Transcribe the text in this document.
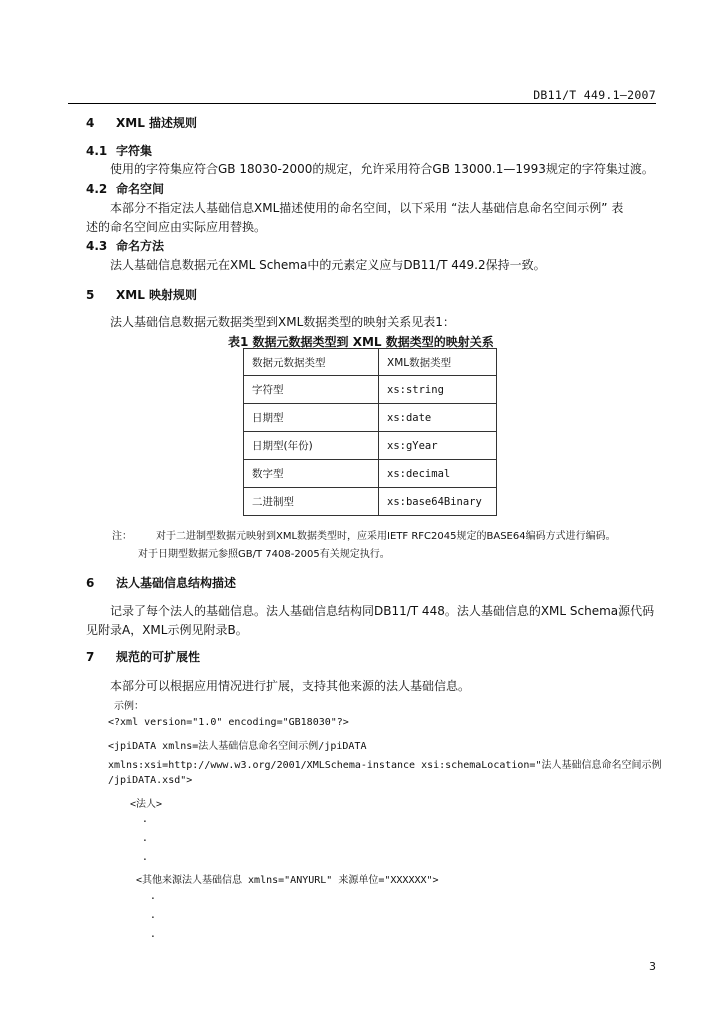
DB11/T 449.1—2007
4 XML 描述规则
4.1 字符集
使用的字符集应符合GB 18030-2000的规定，允许采用符合GB 13000.1—1993规定的字符集过渡。
4.2 命名空间
本部分不指定法人基础信息XML描述使用的命名空间，以下采用 “法人基础信息命名空间示例” 表
述的命名空间应由实际应用替换。
4.3 命名方法
法人基础信息数据元在XML Schema中的元素定义应与DB11/T 449.2保持一致。
5 XML 映射规则
法人基础信息数据元数据类型到XML数据类型的映射关系见表1：
表1 数据元数据类型到 XML 数据类型的映射关系
数据元数据类型	XML数据类型
字符型	xs:string
日期型	xs:date
日期型(年份)	xs:gYear
数字型	xs:decimal
二进制型	xs:base64Binary
注： 对于二进制型数据元映射到XML数据类型时，应采用IETF RFC2045规定的BASE64编码方式进行编码。
对于日期型数据元参照GB/T 7408-2005有关规定执行。
6 法人基础信息结构描述
记录了每个法人的基础信息。法人基础信息结构同DB11/T 448。法人基础信息的XML Schema源代码
见附录A，XML示例见附录B。
7 规范的可扩展性
本部分可以根据应用情况进行扩展，支持其他来源的法人基础信息。
示例：
<?xml version="1.0" encoding="GB18030"?>
<jpiDATA xmlns=法人基础信息命名空间示例/jpiDATA
xmlns:xsi=http://www.w3.org/2001/XMLSchema-instance xsi:schemaLocation="法人基础信息命名空间示例
/jpiDATA.xsd">
<法人>
.
.
.
<其他来源法人基础信息 xmlns="ANYURL" 来源单位="XXXXXX">
.
.
.
3
